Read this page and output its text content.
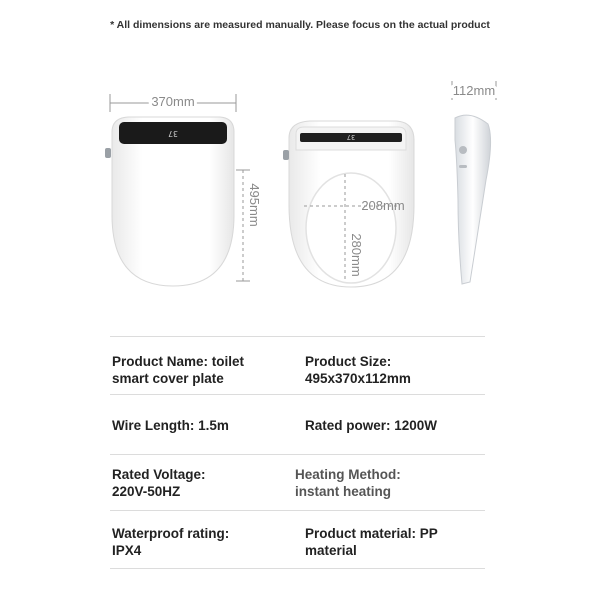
* All dimensions are measured manually. Please focus on the actual product
370mm
37
495mm
37
208mm
280mm
112mm
Product Name: toilet
smart cover plate
Product Size:
495x370x112mm
Wire Length: 1.5m	Rated power: 1200W
Rated Voltage:
220V-50HZ
Heating Method:
instant heating
Waterproof rating:
IPX4
Product material: PP
material
